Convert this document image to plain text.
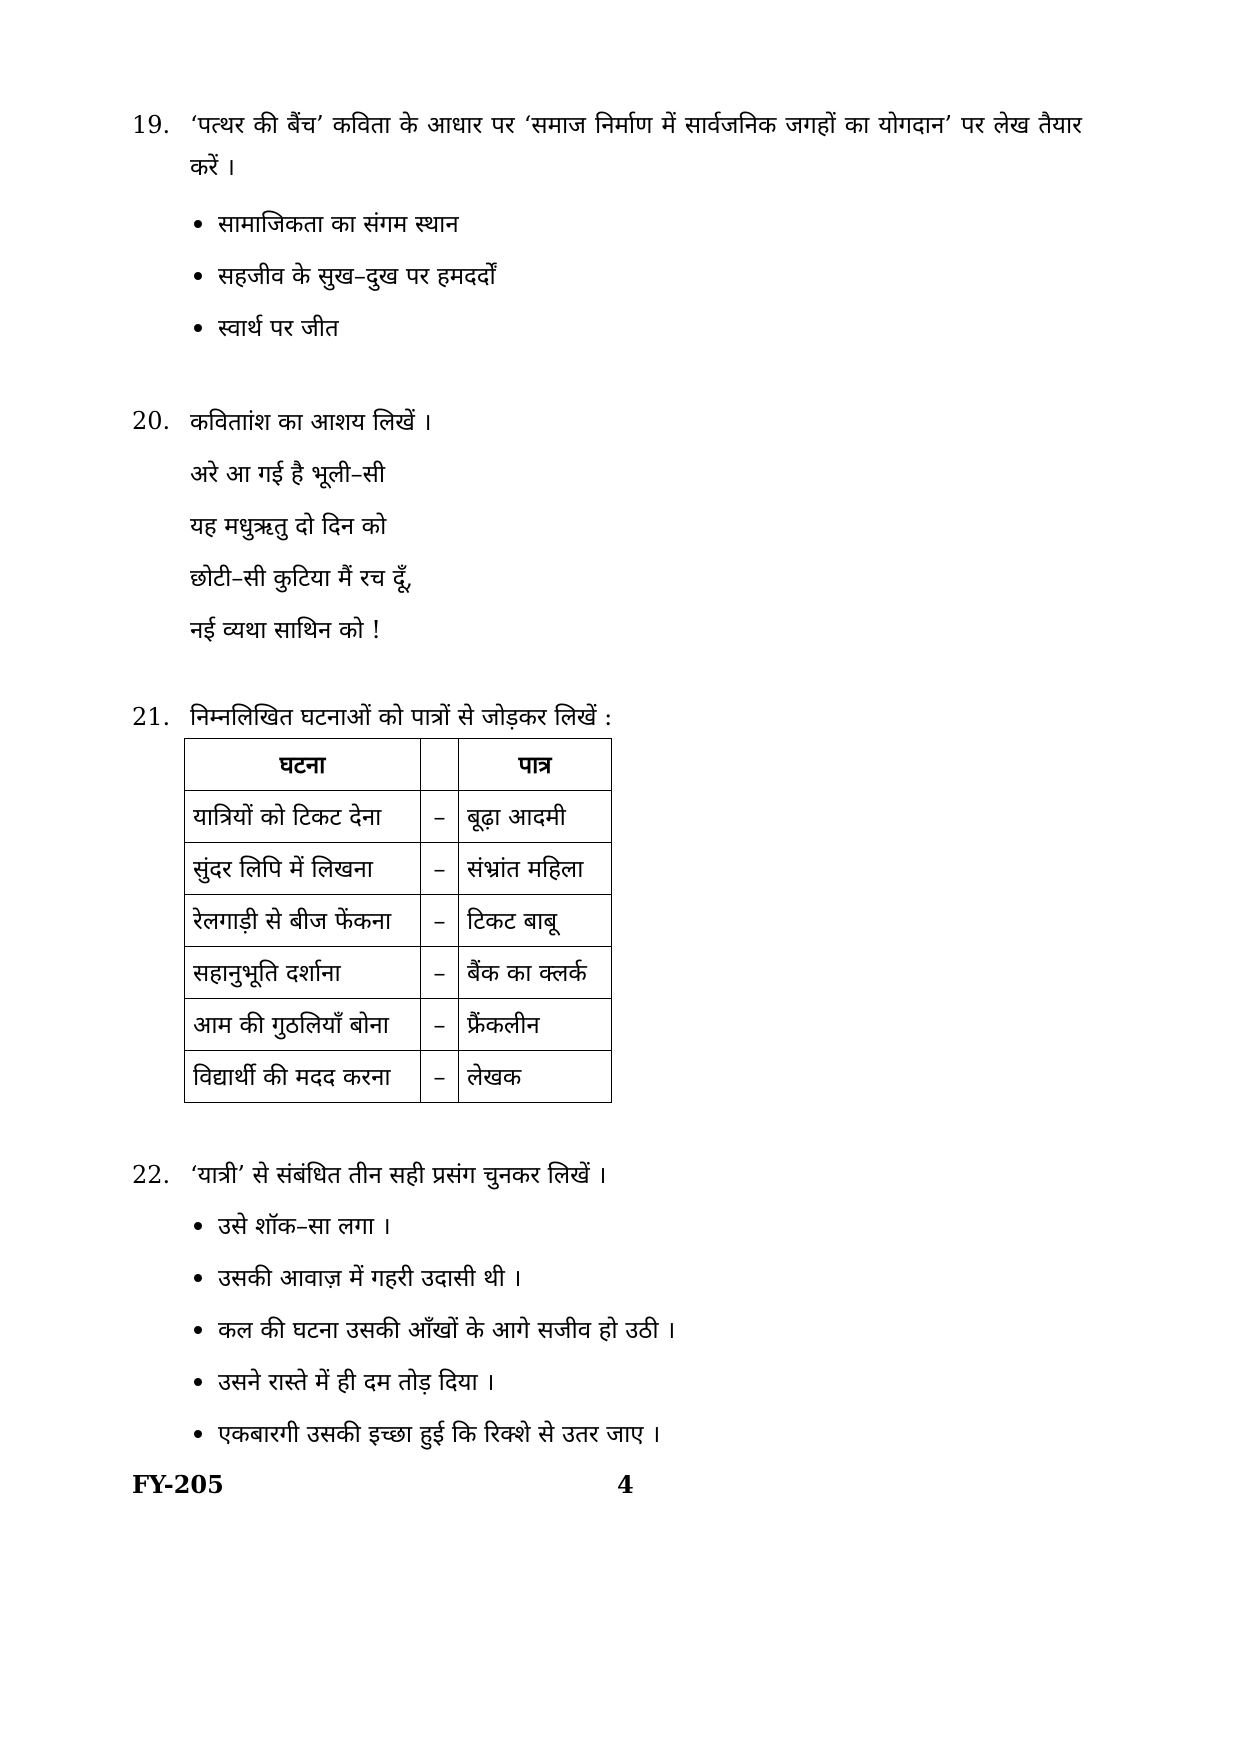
19. ‘पत्थर की बैंच’ कविता के आधार पर ‘समाज निर्माण में सार्वजनिक जगहों का योगदान’ पर लेख तैयार करें ।

सामाजिकता का संगम स्थान
सहजीव के सुख–दुख पर हमदर्दों
स्वार्थ पर जीत
20. कविताांश का आशय लिखें ।

अरे आ गई है भूली–सी

यह मधुऋतु दो दिन को

छोटी–सी कुटिया मैं रच दूँ,

नई व्यथा साथिन को !

21. निम्नलिखित घटनाओं को पात्रों से जोड़कर लिखें :

घटना		पात्र
यात्रियों को टिकट देना	–	बूढ़ा आदमी
सुंदर लिपि में लिखना	–	संभ्रांत महिला
रेलगाड़ी से बीज फेंकना	–	टिकट बाबू
सहानुभूति दर्शाना	–	बैंक का क्लर्क
आम की गुठलियाँ बोना	–	फ्रैंकलीन
विद्यार्थी की मदद करना	–	लेखक
22. ‘यात्री’ से संबंधित तीन सही प्रसंग चुनकर लिखें ।

उसे शॉक–सा लगा ।
उसकी आवाज़ में गहरी उदासी थी ।
कल की घटना उसकी आँखों के आगे सजीव हो उठी ।
उसने रास्ते में ही दम तोड़ दिया ।
एकबारगी उसकी इच्छा हुई कि रिक्शे से उतर जाए ।
FY-205	4
